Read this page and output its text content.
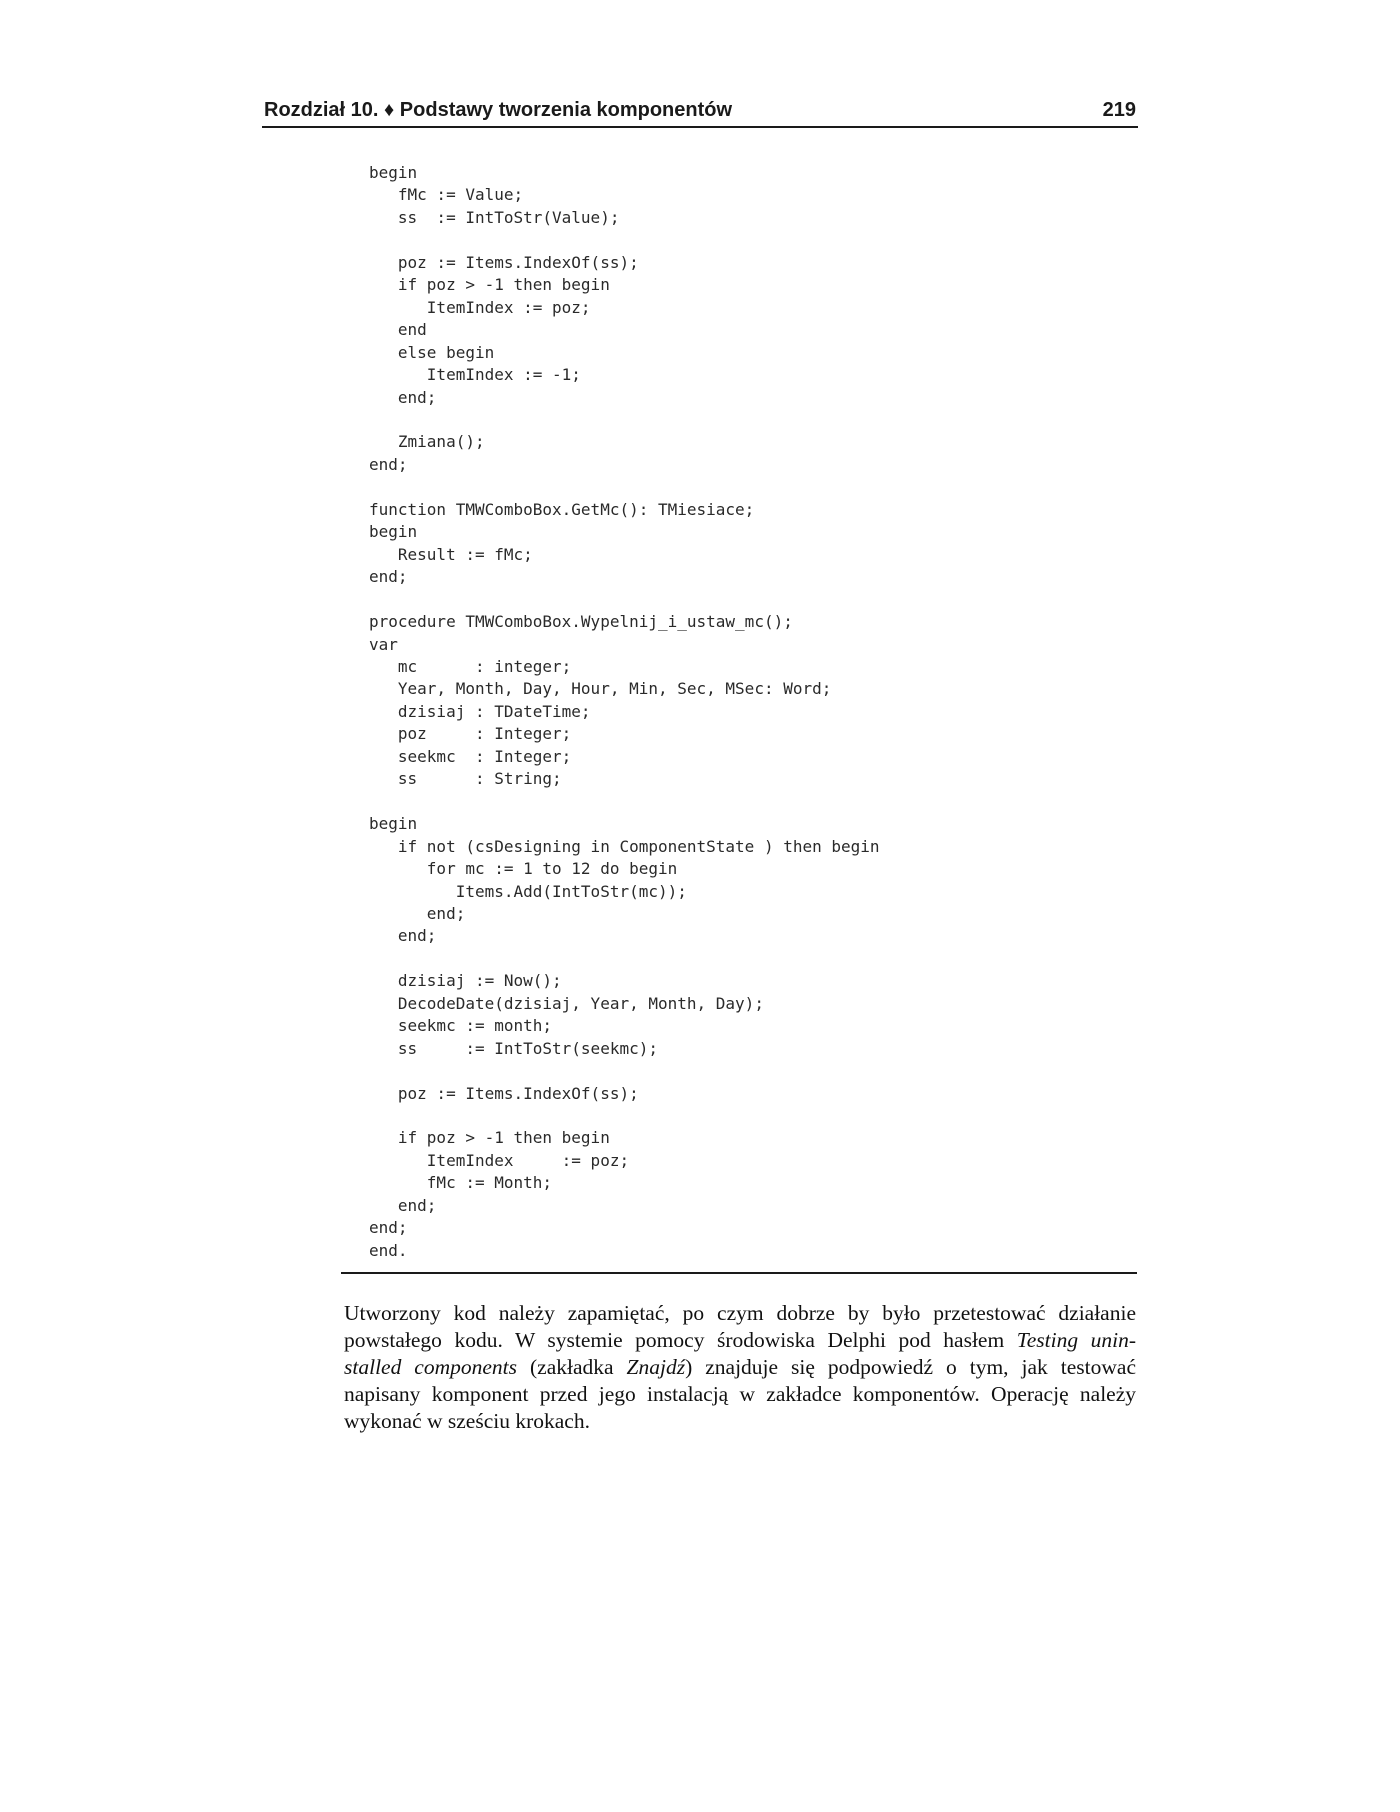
Rozdział 10. ♦ Podstawy tworzenia komponentów	219
begin
fMc := Value;
ss  := IntToStr(Value);

poz := Items.IndexOf(ss);
if poz > -1 then begin
ItemIndex := poz;
end
else begin
ItemIndex := -1;
end;

Zmiana();
end;

function TMWComboBox.GetMc(): TMiesiace;
begin
Result := fMc;
end;

procedure TMWComboBox.Wypelnij_i_ustaw_mc();
var
mc      : integer;
Year, Month, Day, Hour, Min, Sec, MSec: Word;
dzisiaj : TDateTime;
poz     : Integer;
seekmc  : Integer;
ss      : String;

begin
if not (csDesigning in ComponentState ) then begin
for mc := 1 to 12 do begin
Items.Add(IntToStr(mc));
end;
end;

dzisiaj := Now();
DecodeDate(dzisiaj, Year, Month, Day);
seekmc := month;
ss     := IntToStr(seekmc);

poz := Items.IndexOf(ss);

if poz > -1 then begin
ItemIndex     := poz;
fMc := Month;
end;
end;
end.
Utworzony kod należy zapamiętać, po czym dobrze by było przetestować działanie
powstałego kodu. W systemie pomocy środowiska Delphi pod hasłem Testing unin-
stalled components (zakładka Znajdź) znajduje się podpowiedź o tym, jak testować
napisany komponent przed jego instalacją w zakładce komponentów. Operację należy
wykonać w sześciu krokach.
